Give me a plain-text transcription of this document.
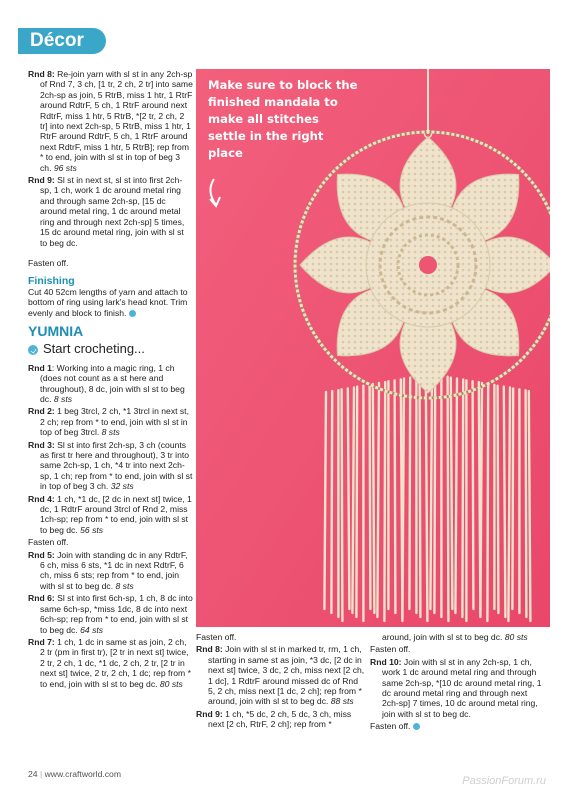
Décor

Rnd 8: Re-join yarn with sl st in any 2ch-sp of Rnd 7, 3 ch, [1 tr, 2 ch, 2 tr] into same 2ch-sp as join, 5 RtrB, miss 1 htr, 1 RtrF around RdtrF, 5 ch, 1 RtrF around next RdtrF, miss 1 htr, 5 RtrB, *[2 tr, 2 ch, 2 tr] into next 2ch-sp, 5 RtrB, miss 1 htr, 1 RtrF around RdtrF, 5 ch, 1 RtrF around next RdtrF, miss 1 htr, 5 RtrB]; rep from * to end, join with sl st in top of beg 3 ch. 96 sts

Rnd 9: Sl st in next st, sl st into first 2ch-sp, 1 ch, work 1 dc around metal ring and through same 2ch-sp, [15 dc around metal ring, 1 dc around metal ring and through next 2ch-sp] 5 times, 15 dc around metal ring, join with sl st to beg dc.

Fasten off.

Finishing

Cut 40 52cm lengths of yarn and attach to bottom of ring using lark's head knot. Trim evenly and block to finish.

YUMNIA
Start crocheting...

Rnd 1: Working into a magic ring, 1 ch (does not count as a st here and throughout), 8 dc, join with sl st to beg dc. 8 sts

Rnd 2: 1 beg 3trcl, 2 ch, *1 3trcl in next st, 2 ch; rep from * to end, join with sl st in top of beg 3trcl. 8 sts

Rnd 3: Sl st into first 2ch-sp, 3 ch (counts as first tr here and throughout), 3 tr into same 2ch-sp, 1 ch, *4 tr into next 2ch-sp, 1 ch; rep from * to end, join with sl st in top of beg 3 ch. 32 sts

Rnd 4: 1 ch, *1 dc, [2 dc in next st] twice, 1 dc, 1 RdtrF around 3trcl of Rnd 2, miss 1ch-sp; rep from * to end, join with sl st to beg dc. 56 sts

Fasten off.

Rnd 5: Join with standing dc in any RdtrF, 6 ch, miss 6 sts, *1 dc in next RdtrF, 6 ch, miss 6 sts; rep from * to end, join with sl st to beg dc. 8 sts

Rnd 6: Sl st into first 6ch-sp, 1 ch, 8 dc into same 6ch-sp, *miss 1dc, 8 dc into next 6ch-sp; rep from * to end, join with sl st to beg dc. 64 sts

Rnd 7: 1 ch, 1 dc in same st as join, 2 ch, 2 tr (pm in first tr), [2 tr in next st] twice, 2 tr, 2 ch, 1 dc, *1 dc, 2 ch, 2 tr, [2 tr in next st] twice, 2 tr, 2 ch, 1 dc; rep from * to end, join with sl st to beg dc. 80 sts

Make sure to block the finished mandala to make all stitches settle in the right place

Fasten off.

Rnd 8: Join with sl st in marked tr, rm, 1 ch, starting in same st as join, *3 dc, [2 dc in next st] twice, 3 dc, 2 ch, miss next [2 ch, 1 dc], 1 RdtrF around missed dc of Rnd 5, 2 ch, miss next [1 dc, 2 ch]; rep from * around, join with sl st to beg dc. 88 sts

Rnd 9: 1 ch, *5 dc, 2 ch, 5 dc, 3 ch, miss next [2 ch, RtrF, 2 ch]; rep from *

around, join with sl st to beg dc. 80 sts

Fasten off.

Rnd 10: Join with sl st in any 2ch-sp, 1 ch, work 1 dc around metal ring and through same 2ch-sp, *[10 dc around metal ring, 1 dc around metal ring and through next 2ch-sp] 7 times, 10 dc around metal ring, join with sl st to beg dc.

Fasten off.

24 | www.craftworld.com
PassionForum.ru
